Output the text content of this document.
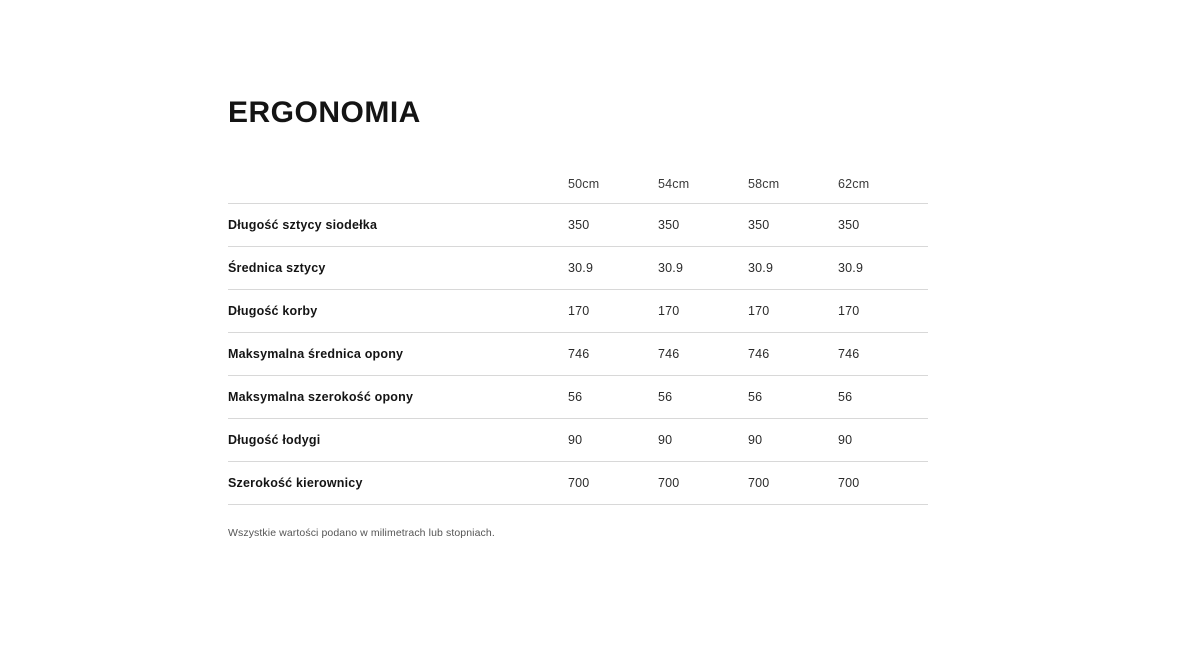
ERGONOMIA
	50cm	54cm	58cm	62cm
Długość sztycy siodełka	350	350	350	350
Średnica sztycy	30.9	30.9	30.9	30.9
Długość korby	170	170	170	170
Maksymalna średnica opony	746	746	746	746
Maksymalna szerokość opony	56	56	56	56
Długość łodygi	90	90	90	90
Szerokość kierownicy	700	700	700	700
Wszystkie wartości podano w milimetrach lub stopniach.
